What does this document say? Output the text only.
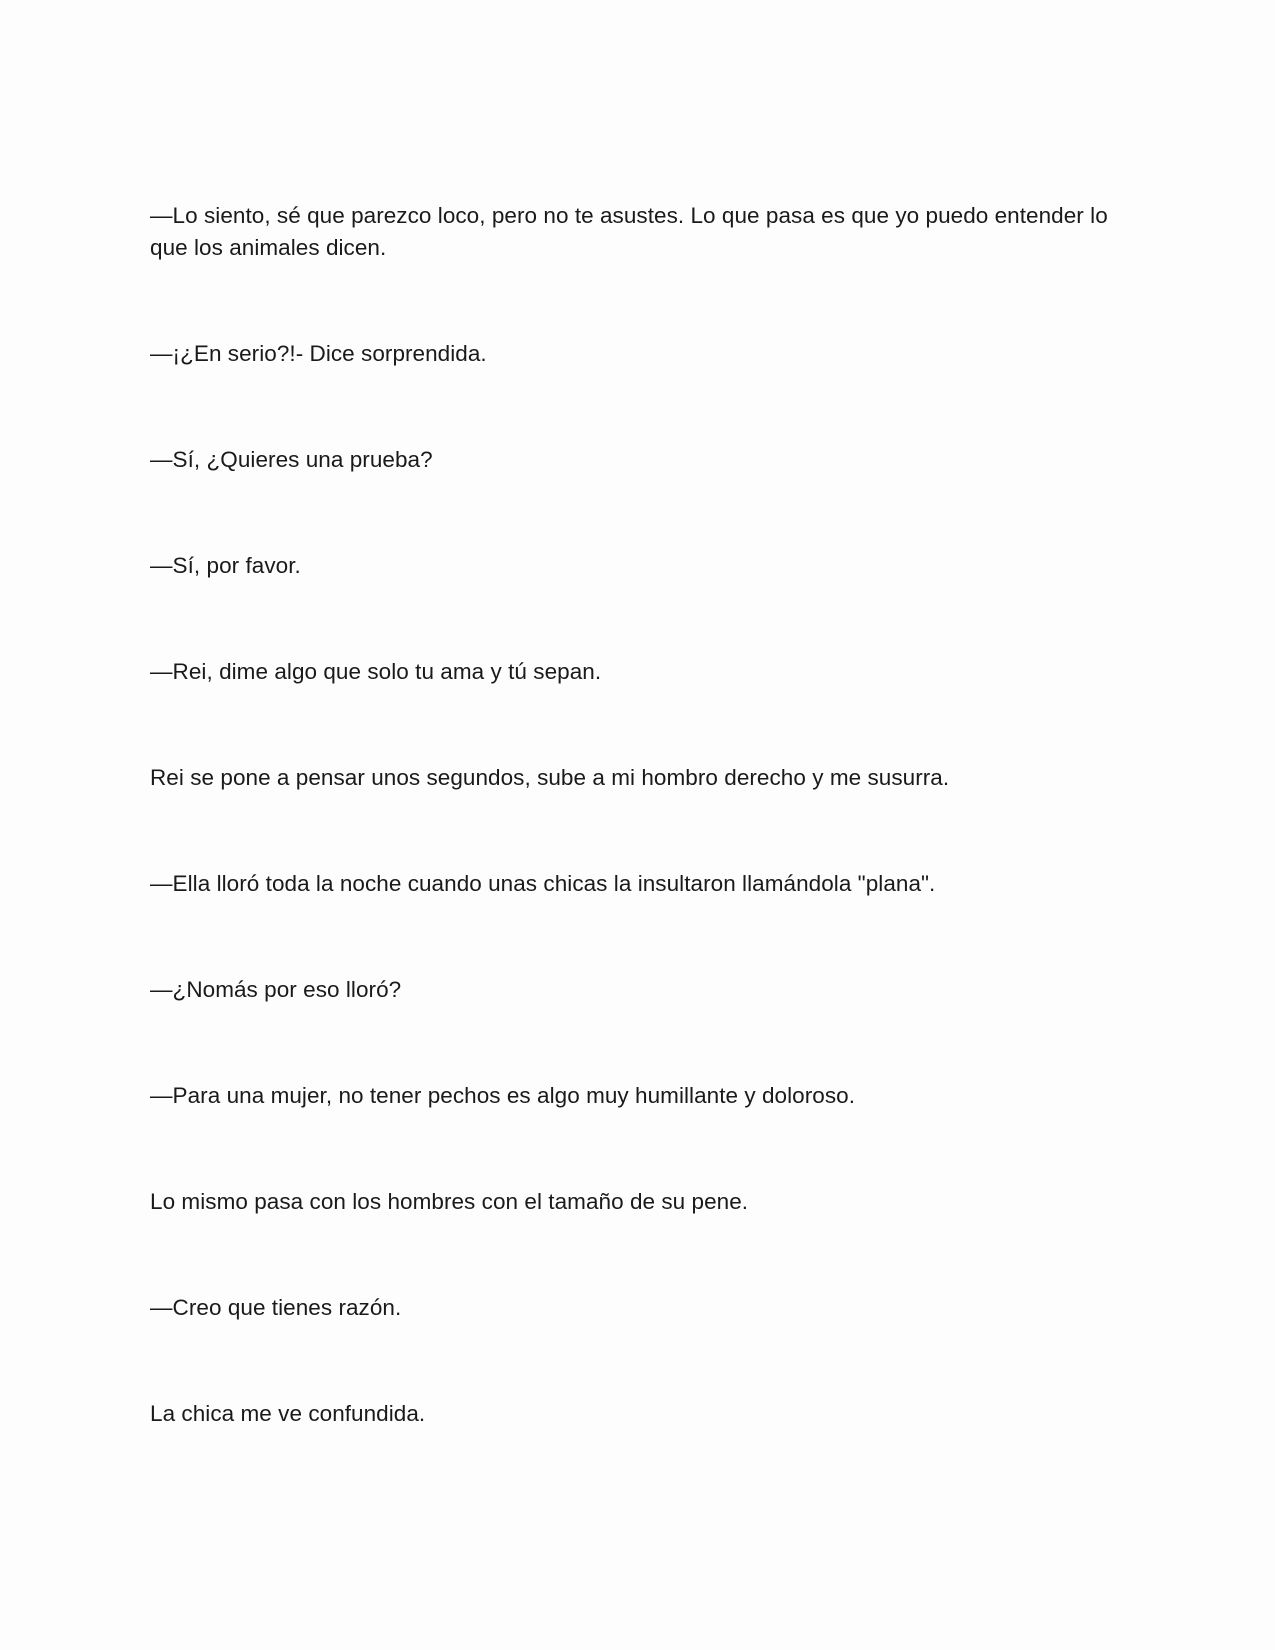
—Lo siento, sé que parezco loco, pero no te asustes. Lo que pasa es que yo puedo entender lo que los animales dicen.

—¡¿En serio?!- Dice sorprendida.

—Sí, ¿Quieres una prueba?

—Sí, por favor.

—Rei, dime algo que solo tu ama y tú sepan.

Rei se pone a pensar unos segundos, sube a mi hombro derecho y me susurra.

—Ella lloró toda la noche cuando unas chicas la insultaron llamándola "plana".

—¿Nomás por eso lloró?

—Para una mujer, no tener pechos es algo muy humillante y doloroso.

Lo mismo pasa con los hombres con el tamaño de su pene.

—Creo que tienes razón.

La chica me ve confundida.
